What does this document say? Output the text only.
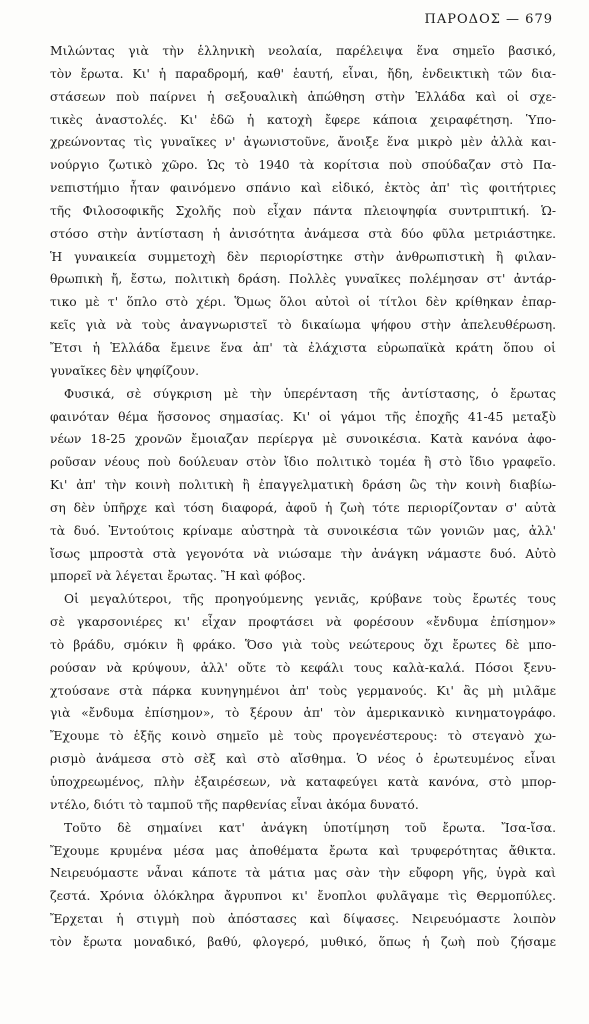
ΠΑΡΟΔΟΣ — 679
Μιλώντας γιὰ τὴν ἑλληνικὴ νεολαία, παρέλειψα ἕνα σημεῖο βασικό,
τὸν ἔρωτα. Κι' ἡ παραδρομή, καθ' ἑαυτή, εἶναι, ἤδη, ἐνδεικτικὴ τῶν δια-
στάσεων ποὺ παίρνει ἡ σεξουαλικὴ ἀπώθηση στὴν Ἑλλάδα καὶ οἱ σχε-
τικὲς ἀναστολές. Κι' ἐδῶ ἡ κατοχὴ ἔφερε κάποια χειραφέτηση. Ὑπο-
χρεώνοντας τὶς γυναῖκες ν' ἀγωνιστοῦνε, ἄνοιξε ἕνα μικρὸ μὲν ἀλλὰ και-
νούργιο ζωτικὸ χῶρο. Ὡς τὸ 1940 τὰ κορίτσια ποὺ σπούδαζαν στὸ Πα-
νεπιστήμιο ἦταν φαινόμενο σπάνιο καὶ εἰδικό, ἐκτὸς ἀπ' τὶς φοιτήτριες
τῆς Φιλοσοφικῆς Σχολῆς ποὺ εἶχαν πάντα πλειοψηφία συντριπτική. Ὡ-
στόσο στὴν ἀντίσταση ἡ ἀνισότητα ἀνάμεσα στὰ δύο φῦλα μετριάστηκε.
Ἡ γυναικεία συμμετοχὴ δὲν περιορίστηκε στὴν ἀνθρωπιστικὴ ἢ φιλαν-
θρωπικὴ ἤ, ἔστω, πολιτικὴ δράση. Πολλὲς γυναῖκες πολέμησαν στ' ἀντάρ-
τικο μὲ τ' ὅπλο στὸ χέρι. Ὅμως ὅλοι αὐτοὶ οἱ τίτλοι δὲν κρίθηκαν ἐπαρ-
κεῖς γιὰ νὰ τοὺς ἀναγνωριστεῖ τὸ δικαίωμα ψήφου στὴν ἀπελευθέρωση.
Ἔτσι ἡ Ἑλλάδα ἔμεινε ἕνα ἀπ' τὰ ἐλάχιστα εὐρωπαϊκὰ κράτη ὅπου οἱ
γυναῖκες δὲν ψηφίζουν.
Φυσικά, σὲ σύγκριση μὲ τὴν ὑπερένταση τῆς ἀντίστασης, ὁ ἔρωτας
φαινόταν θέμα ἥσσονος σημασίας. Κι' οἱ γάμοι τῆς ἐποχῆς 41-45 μεταξὺ
νέων 18-25 χρονῶν ἔμοιαζαν περίεργα μὲ συνοικέσια. Κατὰ κανόνα ἀφο-
ροῦσαν νέους ποὺ δούλευαν στὸν ἴδιο πολιτικὸ τομέα ἢ στὸ ἴδιο γραφεῖο.
Κι' ἀπ' τὴν κοινὴ πολιτικὴ ἢ ἐπαγγελματικὴ δράση ὣς τὴν κοινὴ διαβίω-
ση δὲν ὑπῆρχε καὶ τόση διαφορά, ἀφοῦ ἡ ζωὴ τότε περιορίζονταν σ' αὐτὰ
τὰ δυό. Ἐντούτοις κρίναμε αὐστηρὰ τὰ συνοικέσια τῶν γονιῶν μας, ἀλλ'
ἴσως μπροστὰ στὰ γεγονότα νὰ νιώσαμε τὴν ἀνάγκη νάμαστε δυό. Αὐτὸ
μπορεῖ νὰ λέγεται ἔρωτας. Ἢ καὶ φόβος.
Οἱ μεγαλύτεροι, τῆς προηγούμενης γενιᾶς, κρύβανε τοὺς ἔρωτές τους
σὲ γκαρσονιέρες κι' εἶχαν προφτάσει νὰ φορέσουν «ἔνδυμα ἐπίσημον»
τὸ βράδυ, σμόκιν ἢ φράκο. Ὅσο γιὰ τοὺς νεώτερους ὄχι ἔρωτες δὲ μπο-
ρούσαν νὰ κρύψουν, ἀλλ' οὔτε τὸ κεφάλι τους καλὰ-καλά. Πόσοι ξενυ-
χτούσανε στὰ πάρκα κυνηγημένοι ἀπ' τοὺς γερμανούς. Κι' ἂς μὴ μιλᾶμε
γιὰ «ἔνδυμα ἐπίσημον», τὸ ξέρουν ἀπ' τὸν ἀμερικανικὸ κινηματογράφο.
Ἔχουμε τὸ ἑξῆς κοινὸ σημεῖο μὲ τοὺς προγενέστερους: τὸ στεγανὸ χω-
ρισμὸ ἀνάμεσα στὸ σὲξ καὶ στὸ αἴσθημα. Ὁ νέος ὁ ἐρωτευμένος εἶναι
ὑποχρεωμένος, πλὴν ἐξαιρέσεων, νὰ καταφεύγει κατὰ κανόνα, στὸ μπορ-
ντέλο, διότι τὸ ταμποῦ τῆς παρθενίας εἶναι ἀκόμα δυνατό.
Τοῦτο δὲ σημαίνει κατ' ἀνάγκη ὑποτίμηση τοῦ ἔρωτα. Ἴσα-ἴσα.
Ἔχουμε κρυμένα μέσα μας ἀποθέματα ἔρωτα καὶ τρυφερότητας ἄθικτα.
Νειρευόμαστε νἆναι κάποτε τὰ μάτια μας σὰν τὴν εὔφορη γῆς, ὑγρὰ καὶ
ζεστά. Χρόνια ὁλόκληρα ἄγρυπνοι κι' ἔνοπλοι φυλᾶγαμε τὶς Θερμοπύλες.
Ἔρχεται ἡ στιγμὴ ποὺ ἀπόστασες καὶ δίψασες. Νειρευόμαστε λοιπὸν
τὸν ἔρωτα μοναδικό, βαθύ, φλογερό, μυθικό, ὅπως ἡ ζωὴ ποὺ ζήσαμε
